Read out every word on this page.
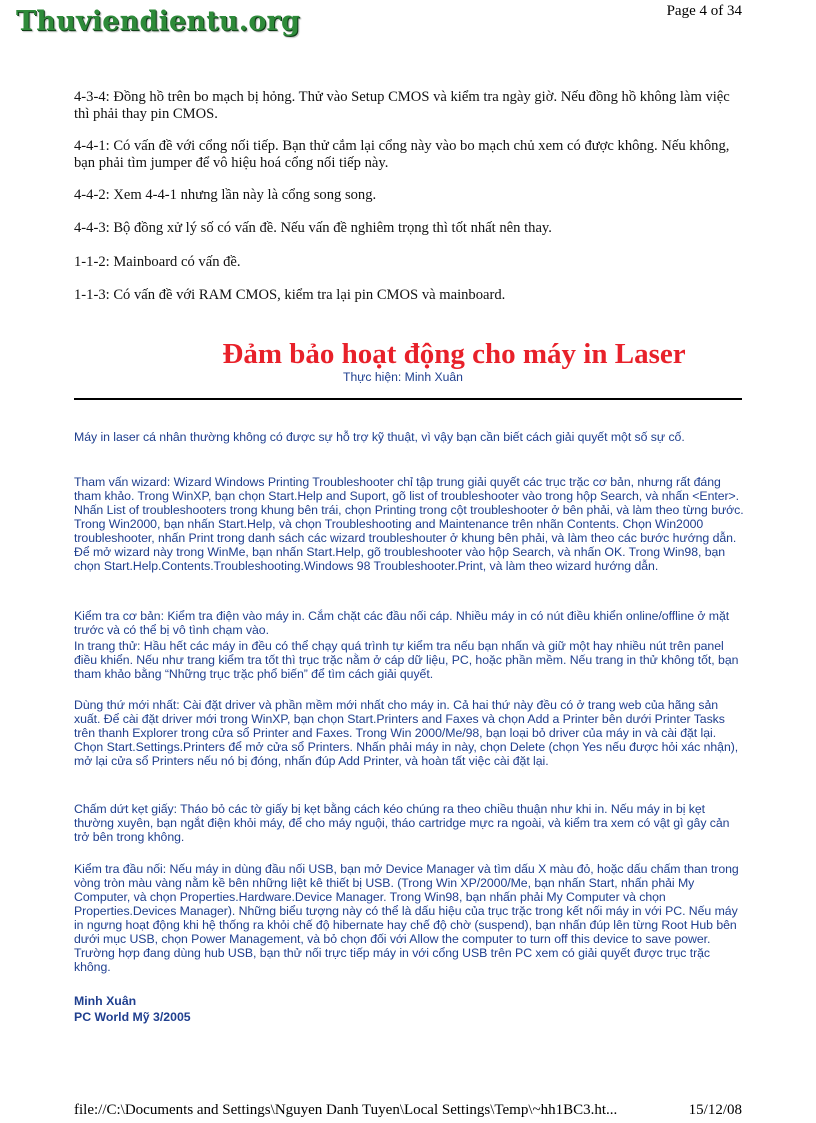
Thuviendientu.org	Page 4 of 34
4-3-4: Đồng hồ trên bo mạch bị hỏng. Thử vào Setup CMOS và kiểm tra ngày giờ. Nếu đồng hồ không làm việc thì phải thay pin CMOS.
4-4-1: Có vấn đề với cổng nối tiếp. Bạn thử cắm lại cổng này vào bo mạch chủ xem có được không. Nếu không, bạn phải tìm jumper để vô hiệu hoá cổng nối tiếp này.
4-4-2: Xem 4-4-1 nhưng lần này là cổng song song.
4-4-3: Bộ đồng xử lý số có vấn đề. Nếu vấn đề nghiêm trọng thì tốt nhất nên thay.
1-1-2: Mainboard có vấn đề.
1-1-3: Có vấn đề với RAM CMOS, kiểm tra lại pin CMOS và mainboard.
Đảm bảo hoạt động cho máy in Laser
Thực hiện: Minh Xuân
Máy in laser cá nhân thường không có được sự hỗ trợ kỹ thuật, vì vậy bạn cần biết cách giải quyết một số sự cố.
Tham vấn wizard: Wizard Windows Printing Troubleshooter chỉ tập trung giải quyết các trục trặc cơ bản, nhưng rất đáng tham khảo. Trong WinXP, bạn chọn Start.Help and Suport, gõ list of troubleshooter vào trong hộp Search, và nhấn <Enter>. Nhấn List of troubleshooters trong khung bên trái, chọn Printing trong cột troubleshooter ở bên phải, và làm theo từng bước. Trong Win2000, bạn nhấn Start.Help, và chọn Troubleshooting and Maintenance trên nhãn Contents. Chọn Win2000 troubleshooter, nhấn Print trong danh sách các wizard troubleshouter ở khung bên phải, và làm theo các bước hướng dẫn. Để mở wizard này trong WinMe, bạn nhấn Start.Help, gõ troubleshooter vào hộp Search, và nhấn OK. Trong Win98, bạn chọn Start.Help.Contents.Troubleshooting.Windows 98 Troubleshooter.Print, và làm theo wizard hướng dẫn.
Kiểm tra cơ bản: Kiểm tra điện vào máy in. Cắm chặt các đầu nối cáp. Nhiều máy in có nút điều khiển online/offline ở mặt trước và có thể bị vô tình chạm vào.
In trang thử: Hầu hết các máy in đều có thể chạy quá trình tự kiểm tra nếu bạn nhấn và giữ một hay nhiều nút trên panel điều khiển. Nếu như trang kiểm tra tốt thì trục trặc nằm ở cáp dữ liệu, PC, hoặc phần mềm. Nếu trang in thử không tốt, bạn tham khảo bằng “Những trục trặc phổ biến” để tìm cách giải quyết.
Dùng thứ mới nhất: Cài đặt driver và phần mềm mới nhất cho máy in. Cả hai thứ này đều có ở trang web của hãng sản xuất. Để cài đặt driver mới trong WinXP, bạn chọn Start.Printers and Faxes và chọn Add a Printer bên dưới Printer Tasks trên thanh Explorer trong cửa sổ Printer and Faxes. Trong Win 2000/Me/98, bạn loại bỏ driver của máy in và cài đặt lại. Chọn Start.Settings.Printers để mở cửa sổ Printers. Nhấn phải máy in này, chọn Delete (chọn Yes nếu được hỏi xác nhận), mở lại cửa sổ Printers nếu nó bị đóng, nhấn đúp Add Printer, và hoàn tất việc cài đặt lại.
Chấm dứt kẹt giấy: Tháo bỏ các tờ giấy bị kẹt bằng cách kéo chúng ra theo chiều thuận như khi in. Nếu máy in bị kẹt thường xuyên, bạn ngắt điện khỏi máy, để cho máy nguội, tháo cartridge mực ra ngoài, và kiểm tra xem có vật gì gây cản trở bên trong không.
Kiểm tra đầu nối: Nếu máy in dùng đầu nối USB, bạn mở Device Manager và tìm dấu X màu đỏ, hoặc dấu chấm than trong vòng tròn màu vàng nằm kề bên những liệt kê thiết bị USB. (Trong Win XP/2000/Me, bạn nhấn Start, nhấn phải My Computer, và chọn Properties.Hardware.Device Manager. Trong Win98, bạn nhấn phải My Computer và chọn Properties.Devices Manager). Những biểu tượng này có thể là dấu hiệu của trục trặc trong kết nối máy in với PC. Nếu máy in ngưng hoạt động khi hệ thống ra khỏi chế độ hibernate hay chế độ chờ (suspend), bạn nhấn đúp lên từng Root Hub bên dưới mục USB, chọn Power Management, và bỏ chọn đối với Allow the computer to turn off this device to save power. Trường hợp đang dùng hub USB, bạn thử nối trực tiếp máy in với cổng USB trên PC xem có giải quyết được trục trặc không.
Minh Xuân
PC World Mỹ 3/2005
file://C:\Documents and Settings\Nguyen Danh Tuyen\Local Settings\Temp\~hh1BC3.ht...	15/12/08
